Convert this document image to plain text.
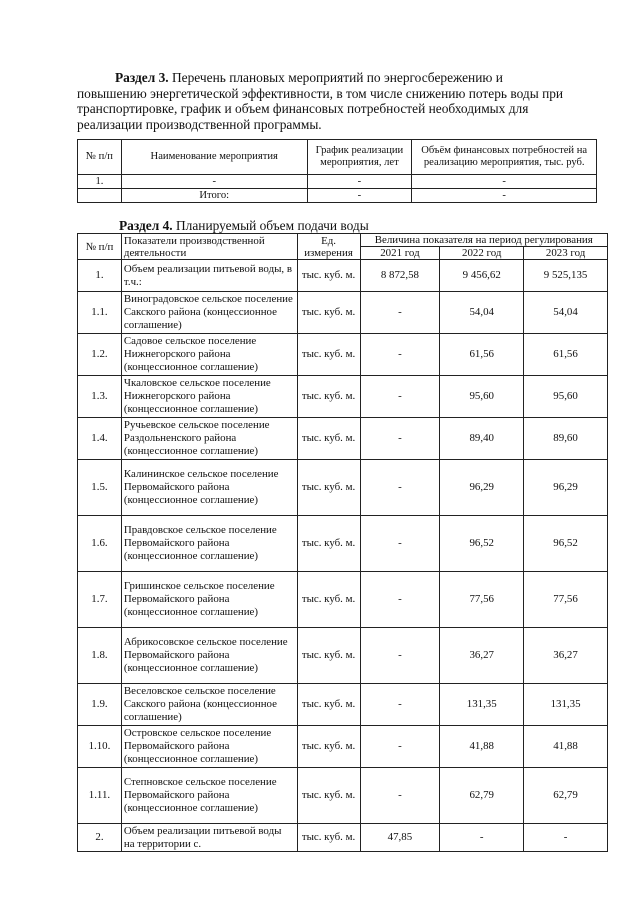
Раздел 3. Перечень плановых мероприятий по энергосбережению и
повышению энергетической эффективности, в том числе снижению потерь воды при
транспортировке, график и объем финансовых потребностей необходимых для
реализации производственной программы.
№ п/п	Наименование мероприятия	График реализации мероприятия, лет	Объём финансовых потребностей на реализацию мероприятия, тыс. руб.
1.	-	-	-
	Итого:	-	-
Раздел 4. Планируемый объем подачи воды
№ п/п	Показатели производственной деятельности	Ед. измерения	Величина показателя на период регулирования		
			2021 год	2022 год	2023 год
1.	Объем реализации питьевой воды, в т.ч.:	тыс. куб. м.	8 872,58	9 456,62	9 525,135
1.1.	Виноградовское сельское поселение Сакского района (концессионное соглашение)	тыс. куб. м.	-	54,04	54,04
1.2.	Садовое сельское поселение Нижнегорского района (концессионное соглашение)	тыс. куб. м.	-	61,56	61,56
1.3.	Чкаловское сельское поселение Нижнегорского района (концессионное соглашение)	тыс. куб. м.	-	95,60	95,60
1.4.	Ручьевское сельское поселение Раздольненского района (концессионное соглашение)	тыс. куб. м.	-	89,40	89,60
1.5.	Калининское сельское поселение Первомайского района (концессионное соглашение)	тыс. куб. м.	-	96,29	96,29
1.6.	Правдовское сельское поселение Первомайского района (концессионное соглашение)	тыс. куб. м.	-	96,52	96,52
1.7.	Гришинское сельское поселение Первомайского района (концессионное соглашение)	тыс. куб. м.	-	77,56	77,56
1.8.	Абрикосовское сельское поселение Первомайского района (концессионное соглашение)	тыс. куб. м.	-	36,27	36,27
1.9.	Веселовское сельское поселение Сакского района (концессионное соглашение)	тыс. куб. м.	-	131,35	131,35
1.10.	Островское сельское поселение Первомайского района (концессионное соглашение)	тыс. куб. м.	-	41,88	41,88
1.11.	Степновское сельское поселение Первомайского района (концессионное соглашение)	тыс. куб. м.	-	62,79	62,79
2.	Объем реализации питьевой воды на территории с.	тыс. куб. м.	47,85	-	-
